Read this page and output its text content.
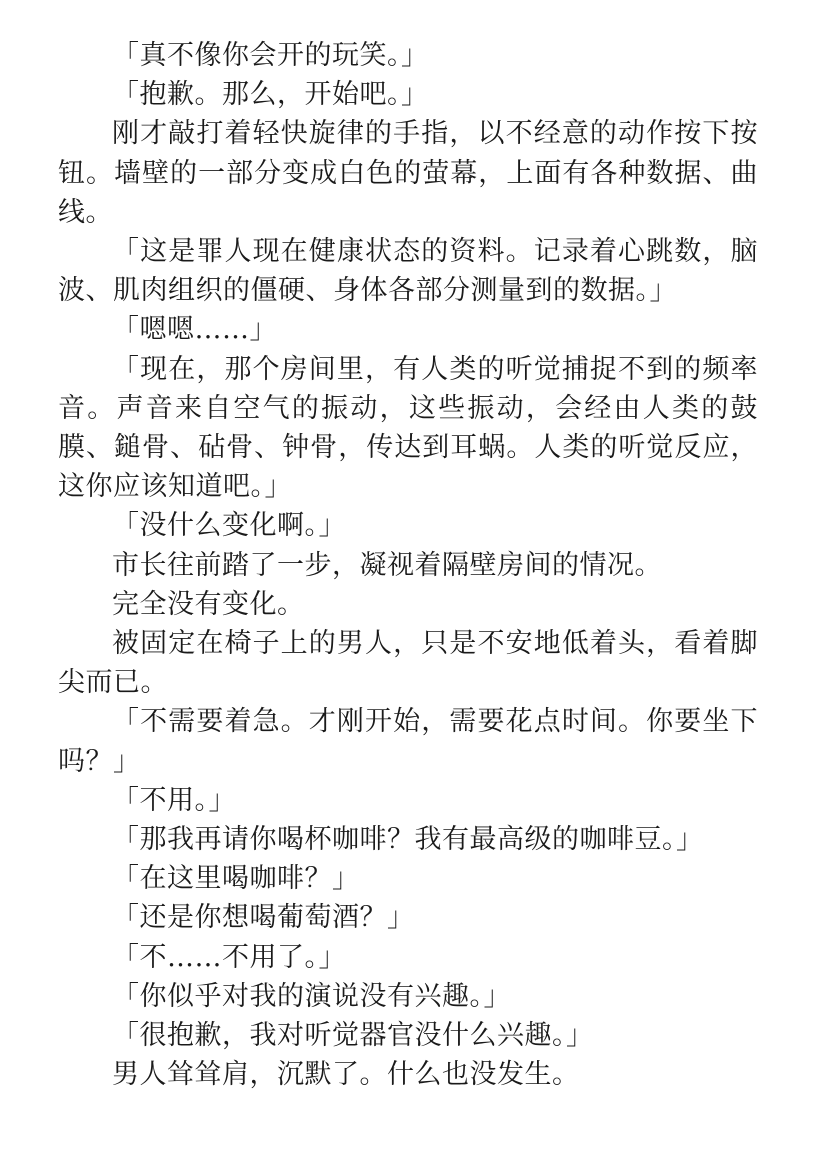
「真不像你会开的玩笑。」

「抱歉。那么，开始吧。」

刚才敲打着轻快旋律的手指，以不经意的动作按下按钮。墙壁的一部分变成白色的萤幕，上面有各种数据、曲线。

「这是罪人现在健康状态的资料。记录着心跳数，脑波、肌肉组织的僵硬、身体各部分测量到的数据。」

「嗯嗯……」

「现在，那个房间里，有人类的听觉捕捉不到的频率音。声音来自空气的振动，这些振动，会经由人类的鼓膜、鎚骨、砧骨、钟骨，传达到耳蜗。人类的听觉反应，这你应该知道吧。」

「没什么变化啊。」

市长往前踏了一步，凝视着隔壁房间的情况。

完全没有变化。

被固定在椅子上的男人，只是不安地低着头，看着脚尖而已。

「不需要着急。才刚开始，需要花点时间。你要坐下吗？」

「不用。」

「那我再请你喝杯咖啡？我有最高级的咖啡豆。」

「在这里喝咖啡？」

「还是你想喝葡萄酒？」

「不……不用了。」

「你似乎对我的演说没有兴趣。」

「很抱歉，我对听觉器官没什么兴趣。」

男人耸耸肩，沉默了。什么也没发生。
